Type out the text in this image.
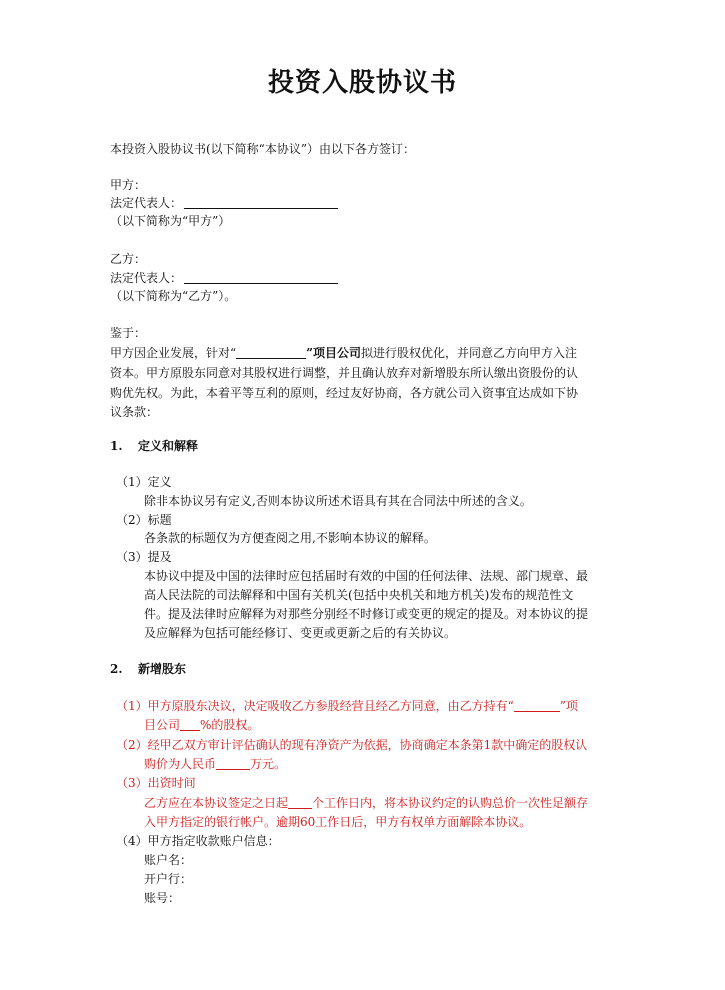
投资入股协议书
本投资入股协议书(以下简称“本协议”）由以下各方签订：
甲方：
法定代表人：
（以下简称为“甲方”）
乙方：
法定代表人：
（以下简称为“乙方”）。
鉴于：
甲方因企业发展，针对“	”项目公司拟进行股权优化，并同意乙方向甲方入注
资本。甲方原股东同意对其股权进行调整，并且确认放弃对新增股东所认缴出资股份的认
购优先权。为此，本着平等互利的原则，经过友好协商，各方就公司入资事宜达成如下协
议条款：
1. 定义和解释
（1）定义
除非本协议另有定义,否则本协议所述术语具有其在合同法中所述的含义。
（2）标题
各条款的标题仅为方便查阅之用,不影响本协议的解释。
（3）提及
本协议中提及中国的法律时应包括届时有效的中国的任何法律、法规、部门规章、最
高人民法院的司法解释和中国有关机关(包括中央机关和地方机关)发布的规范性文
件。提及法律时应解释为对那些分别经不时修订或变更的规定的提及。对本协议的提
及应解释为包括可能经修订、变更或更新之后的有关协议。
2. 新增股东
（1）甲方原股东决议，决定吸收乙方参股经营且经乙方同意，由乙方持有“	”项
目公司 %的股权。
（2）经甲乙双方审计评估确认的现有净资产为依据，协商确定本条第1款中确定的股权认
购价为人民币	万元。
（3）出资时间
乙方应在本协议签定之日起 个工作日内，将本协议约定的认购总价一次性足额存
入甲方指定的银行帐户。逾期60工作日后，甲方有权单方面解除本协议。
（4）甲方指定收款账户信息：
账户名：
开户行：
账号：
